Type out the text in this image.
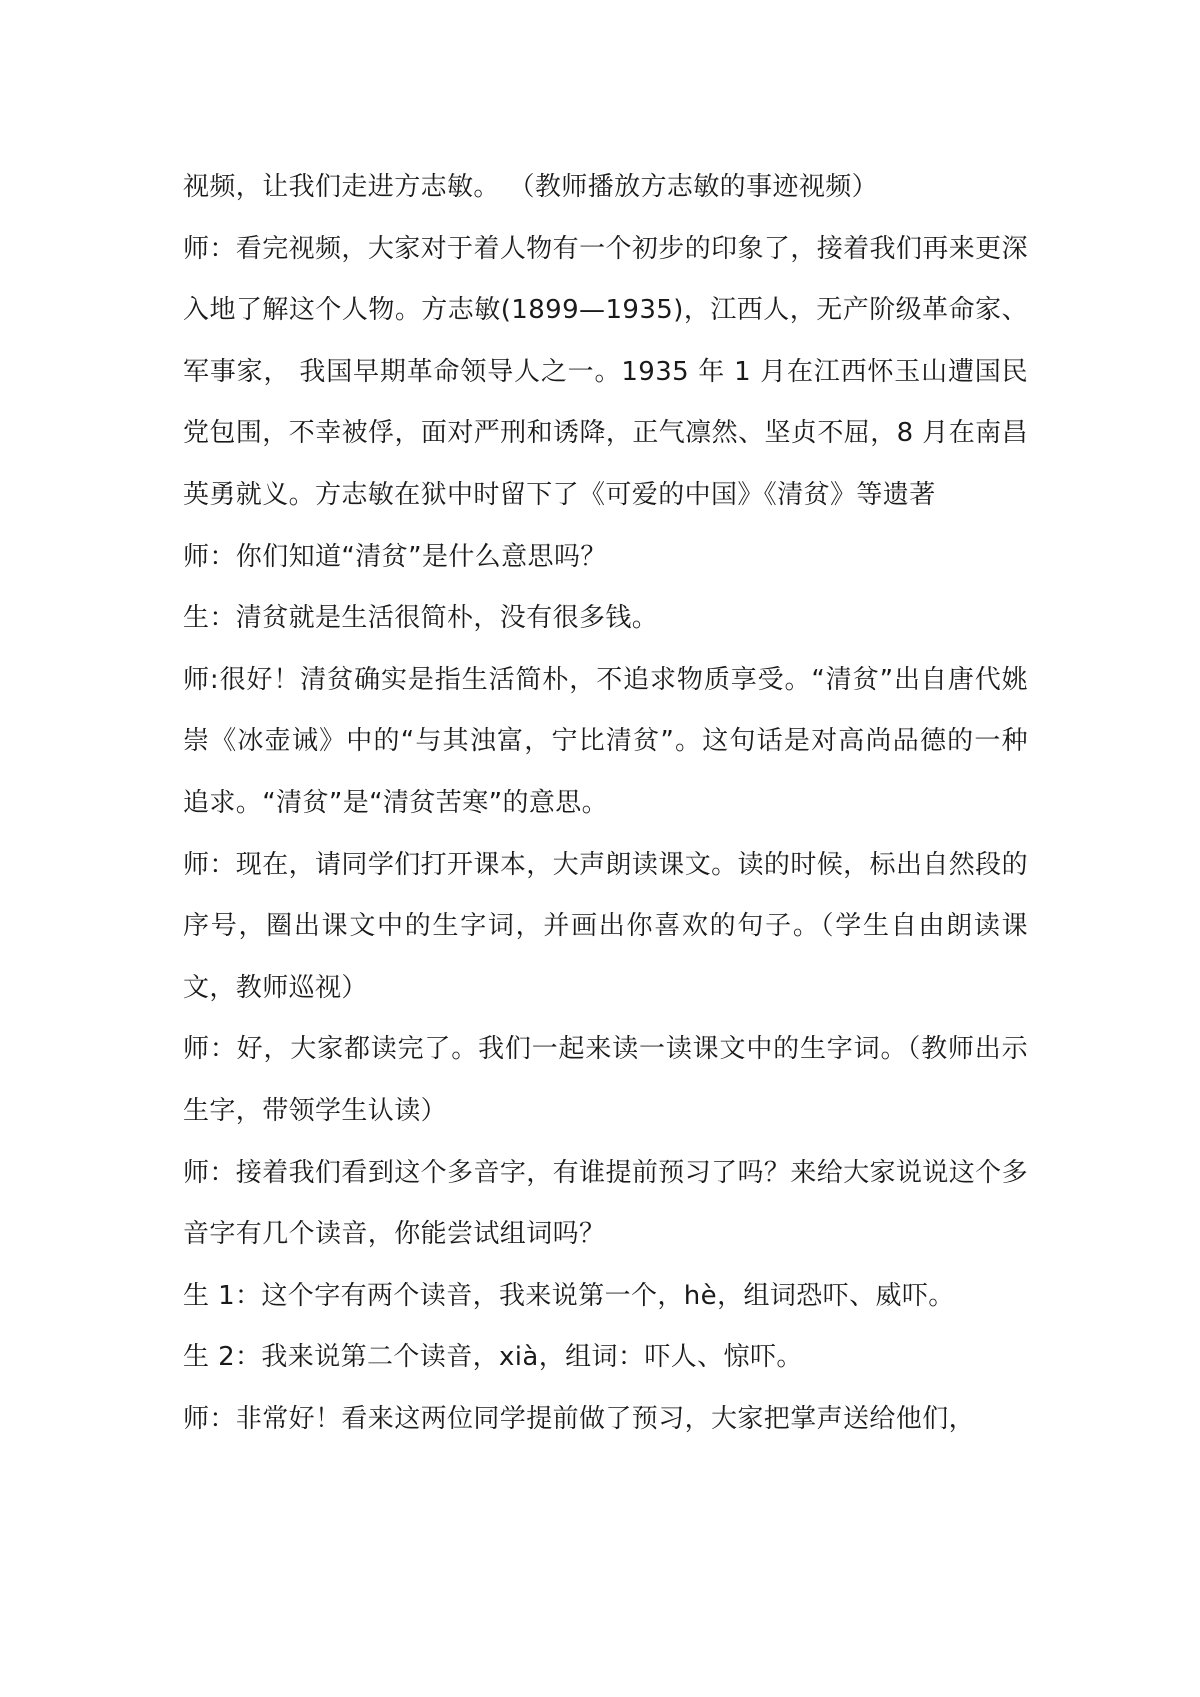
视频，让我们走进方志敏。 （教师播放方志敏的事迹视频）

师：看完视频，大家对于着人物有一个初步的印象了，接着我们再来更深入地了解这个人物。方志敏(1899—1935)，江西人，无产阶级革命家、军事家， 我国早期革命领导人之一。1935 年 1 月在江西怀玉山遭国民党包围，不幸被俘，面对严刑和诱降，正气凛然、坚贞不屈，8 月在南昌英勇就义。方志敏在狱中时留下了《可爱的中国》《清贫》等遗著

师：你们知道“清贫”是什么意思吗？

生：清贫就是生活很简朴，没有很多钱。

师:很好！清贫确实是指生活简朴，不追求物质享受。“清贫”出自唐代姚崇《冰壶诫》中的“与其浊富，宁比清贫”。这句话是对高尚品德的一种追求。“清贫”是“清贫苦寒”的意思。

师：现在，请同学们打开课本，大声朗读课文。读的时候，标出自然段的序号，圈出课文中的生字词，并画出你喜欢的句子。（学生自由朗读课文，教师巡视）

师：好，大家都读完了。我们一起来读一读课文中的生字词。（教师出示生字，带领学生认读）

师：接着我们看到这个多音字，有谁提前预习了吗？来给大家说说这个多音字有几个读音，你能尝试组词吗？

生 1：这个字有两个读音，我来说第一个，hè，组词恐吓、威吓。

生 2：我来说第二个读音，xià，组词：吓人、惊吓。

师：非常好！看来这两位同学提前做了预习，大家把掌声送给他们，
